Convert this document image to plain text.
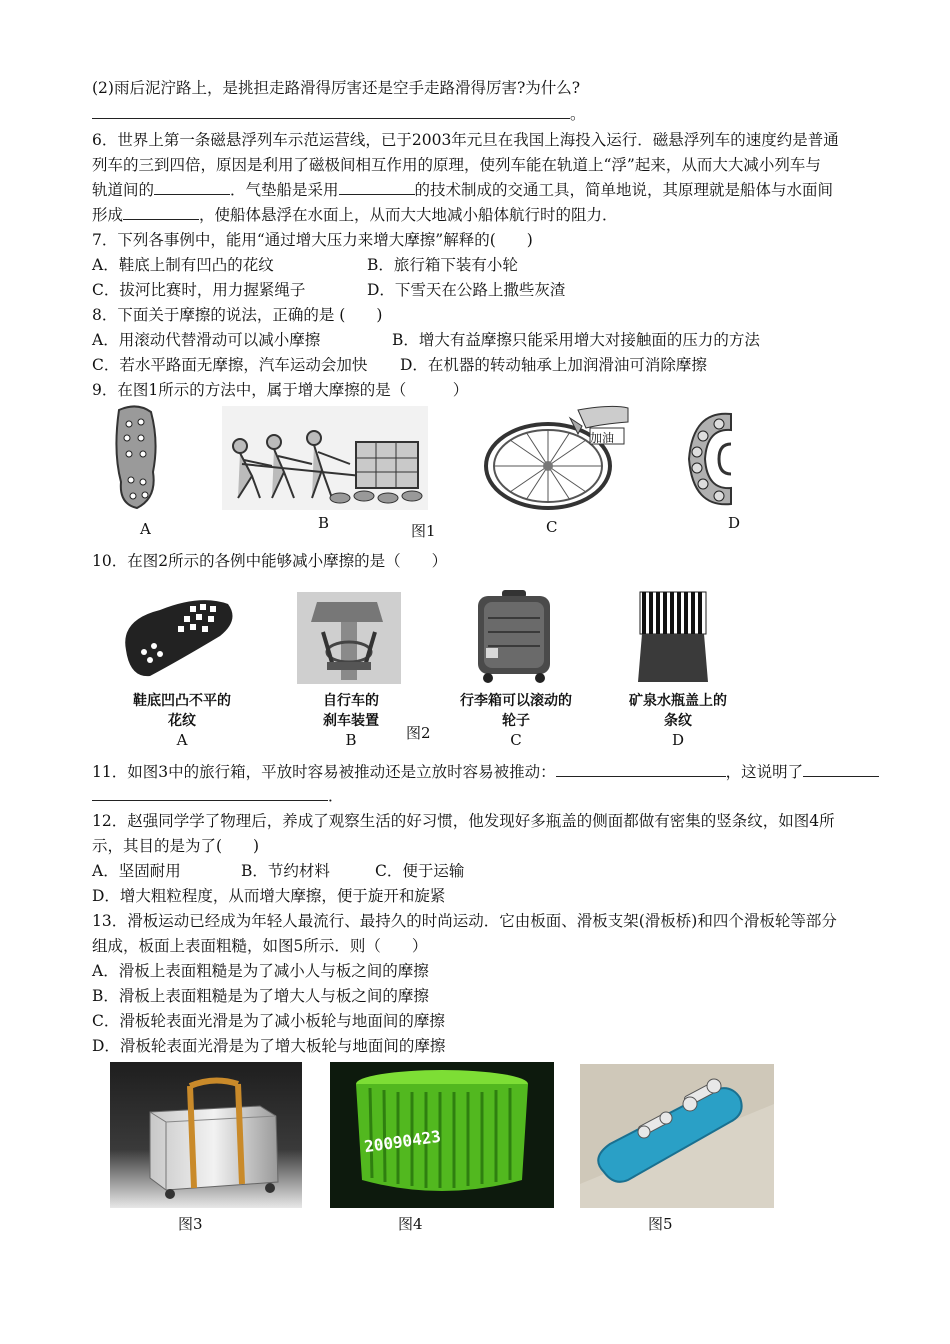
(2)雨后泥泞路上，是挑担走路滑得厉害还是空手走路滑得厉害?为什么?
。
6．世界上第一条磁悬浮列车示范运营线，已于2003年元旦在我国上海投入运行．磁悬浮列车的速度约是普通
列车的三到四倍，原因是利用了磁极间相互作用的原理，使列车能在轨道上“浮”起来，从而大大减小列车与
轨道间的	．气垫船是采用	的技术制成的交通工具，简单地说，其原理就是船体与水面间
形成	，使船体悬浮在水面上，从而大大地减小船体航行时的阻力．
7．下列各事例中，能用“通过增大压力来增大摩擦”解释的(　　)
A．鞋底上制有凹凸的花纹	B．旅行箱下装有小轮
C．拔河比赛时，用力握紧绳子	D．下雪天在公路上撒些灰渣
8．下面关于摩擦的说法，正确的是 (　　)
A．用滚动代替滑动可以减小摩擦	B．增大有益摩擦只能采用增大对接触面的压力的方法
C．若水平路面无摩擦，汽车运动会加快 D．在机器的转动轴承上加润滑油可消除摩擦
9．在图1所示的方法中，属于增大摩擦的是（　　　）
加油
A	B	图1	C	D
10．在图2所示的各例中能够减小摩擦的是（　　）
鞋底凹凸不平的
花纹
A
自行车的
刹车装置
B	图2
行李箱可以滚动的
轮子
C
矿泉水瓶盖上的
条纹
D
11．如图3中的旅行箱，平放时容易被推动还是立放时容易被推动：	，这说明了
．
12．赵强同学学了物理后，养成了观察生活的好习惯，他发现好多瓶盖的侧面都做有密集的竖条纹，如图4所
示，其目的是为了(　　)
A．坚固耐用	B．节约材料	C．便于运输
D．增大粗粒程度，从而增大摩擦，便于旋开和旋紧
13．滑板运动已经成为年轻人最流行、最持久的时尚运动．它由板面、滑板支架(滑板桥)和四个滑板轮等部分
组成，板面上表面粗糙，如图5所示．则（　　）
A．滑板上表面粗糙是为了减小人与板之间的摩擦
B．滑板上表面粗糙是为了增大人与板之间的摩擦
C．滑板轮表面光滑是为了减小板轮与地面间的摩擦
D．滑板轮表面光滑是为了增大板轮与地面间的摩擦
20090423
图3	图4	图5
